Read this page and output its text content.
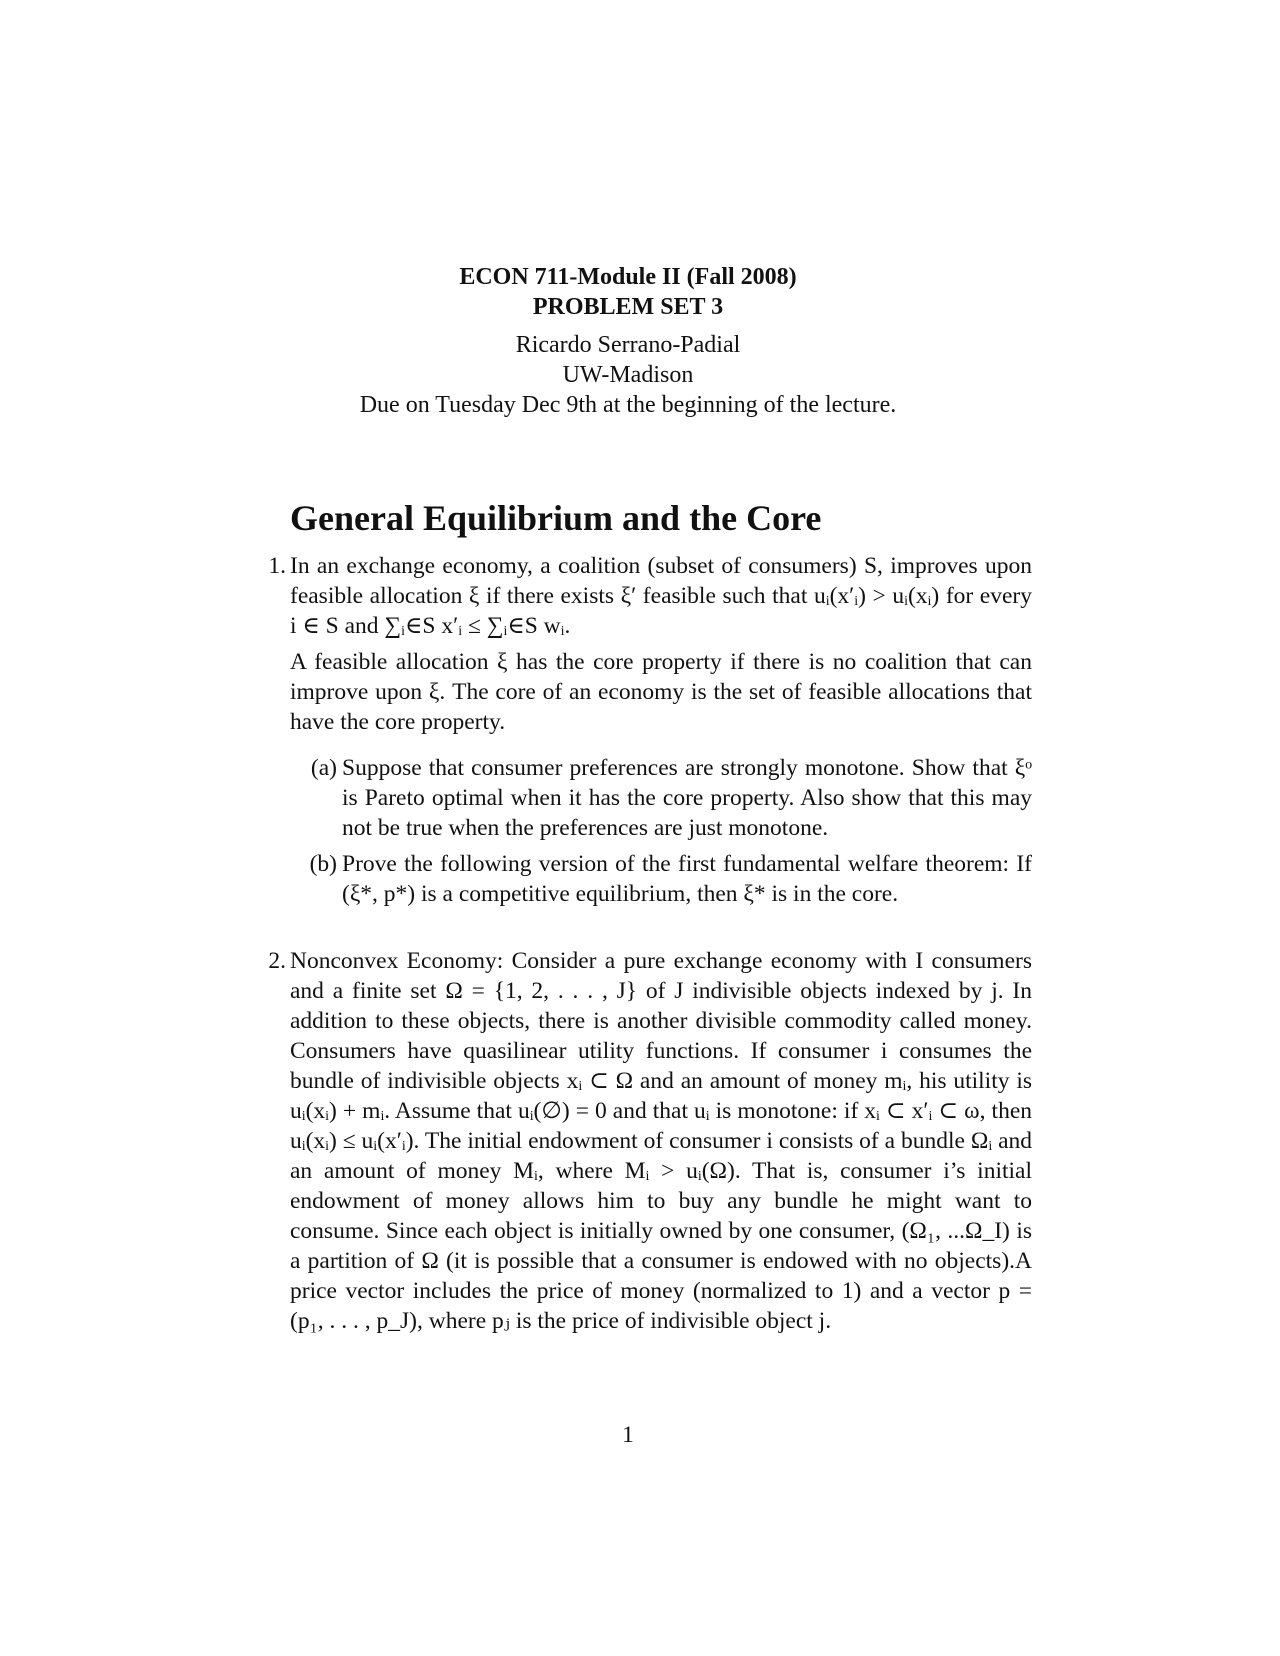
ECON 711-Module II (Fall 2008)
PROBLEM SET 3
Ricardo Serrano-Padial
UW-Madison
Due on Tuesday Dec 9th at the beginning of the lecture.
General Equilibrium and the Core
1. In an exchange economy, a coalition (subset of consumers) S, improves upon feasible allocation ξ if there exists ξ′ feasible such that uᵢ(x′ᵢ) > uᵢ(xᵢ) for every i ∈ S and ∑ᵢ∈S x′ᵢ ≤ ∑ᵢ∈S wᵢ.

A feasible allocation ξ has the core property if there is no coalition that can improve upon ξ. The core of an economy is the set of feasible allocations that have the core property.

(a) Suppose that consumer preferences are strongly monotone. Show that ξᵒ is Pareto optimal when it has the core property. Also show that this may not be true when the preferences are just monotone.
(b) Prove the following version of the first fundamental welfare theorem: If (ξ*, p*) is a competitive equilibrium, then ξ* is in the core.
2. Nonconvex Economy: Consider a pure exchange economy with I consumers and a finite set Ω = {1, 2, . . . , J} of J indivisible objects indexed by j. In addition to these objects, there is another divisible commodity called money. Consumers have quasilinear utility functions. If consumer i consumes the bundle of indivisible objects xᵢ ⊂ Ω and an amount of money mᵢ, his utility is uᵢ(xᵢ) + mᵢ. Assume that uᵢ(∅) = 0 and that uᵢ is monotone: if xᵢ ⊂ x′ᵢ ⊂ ω, then uᵢ(xᵢ) ≤ uᵢ(x′ᵢ). The initial endowment of consumer i consists of a bundle Ωᵢ and an amount of money Mᵢ, where Mᵢ > uᵢ(Ω). That is, consumer i’s initial endowment of money allows him to buy any bundle he might want to consume. Since each object is initially owned by one consumer, (Ω₁, ...Ω_I) is a partition of Ω (it is possible that a consumer is endowed with no objects).A price vector includes the price of money (normalized to 1) and a vector p = (p₁, . . . , p_J), where pⱼ is the price of indivisible object j.

1
